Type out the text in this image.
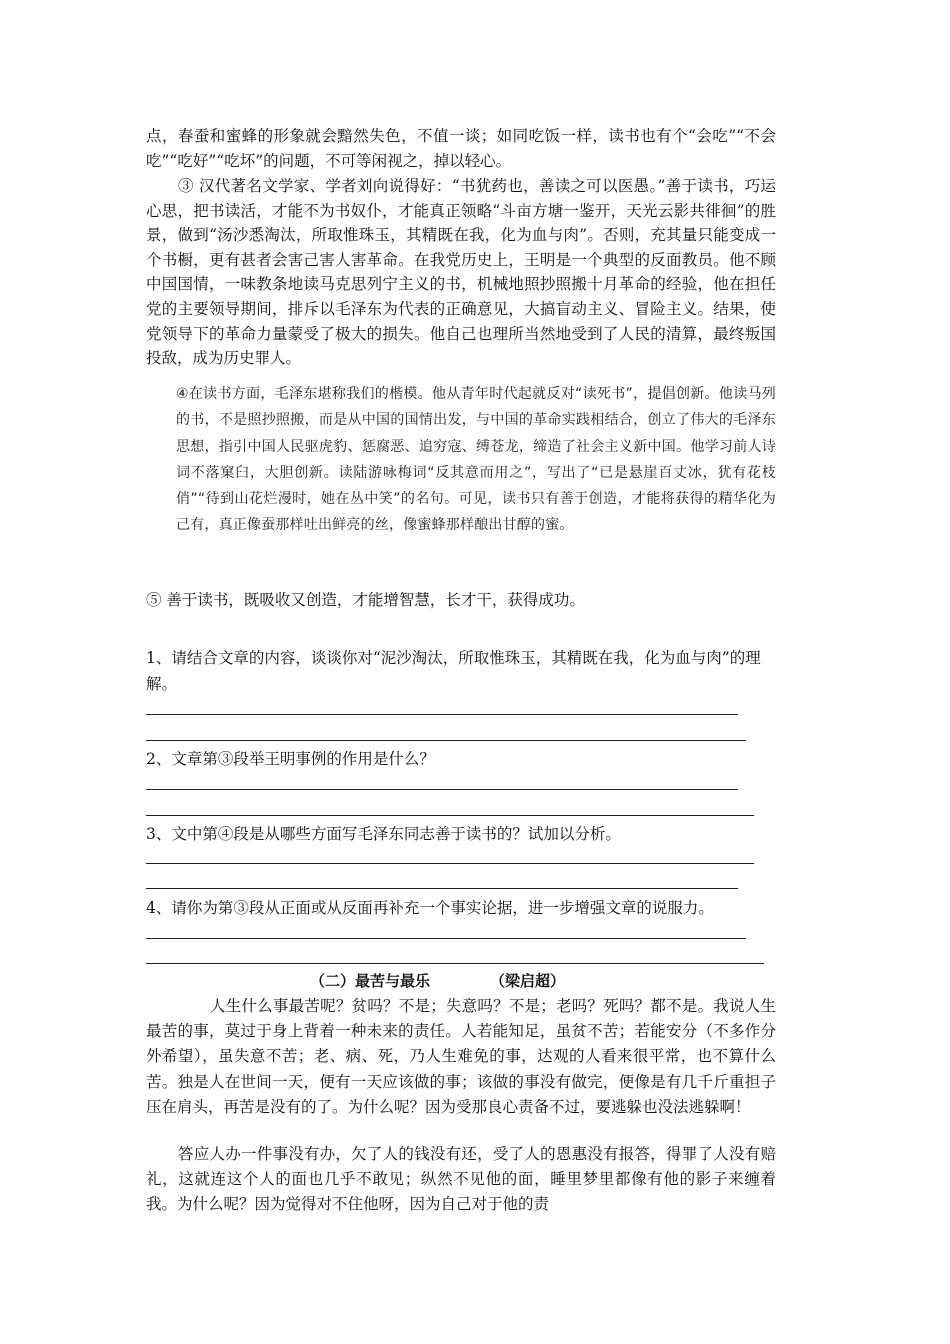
点，春蚕和蜜蜂的形象就会黯然失色，不值一谈；如同吃饭一样，读书也有个“会吃”“不会吃”“吃好”“吃坏”的问题，不可等闲视之，掉以轻心。
③ 汉代著名文学家、学者刘向说得好：“书犹药也，善读之可以医愚。”善于读书，巧运心思，把书读活，才能不为书奴仆，才能真正领略“斗亩方塘一鉴开，天光云影共徘徊”的胜景，做到“汤沙悉淘汰，所取惟珠玉，其精既在我，化为血与肉”。否则，充其量只能变成一个书橱，更有甚者会害己害人害革命。在我党历史上，王明是一个典型的反面教员。他不顾中国国情，一味教条地读马克思列宁主义的书，机械地照抄照搬十月革命的经验，他在担任党的主要领导期间，排斥以毛泽东为代表的正确意见，大搞盲动主义、冒险主义。结果，使党领导下的革命力量蒙受了极大的损失。他自己也理所当然地受到了人民的清算，最终叛国投敌，成为历史罪人。
④在读书方面，毛泽东堪称我们的楷模。他从青年时代起就反对“读死书”，提倡创新。他读马列的书，不是照抄照搬，而是从中国的国情出发，与中国的革命实践相结合，创立了伟大的毛泽东思想，指引中国人民驱虎豹、惩腐恶、追穷寇、缚苍龙，缔造了社会主义新中国。他学习前人诗词不落窠臼，大胆创新。读陆游咏梅词“反其意而用之”，写出了“已是悬崖百丈冰，犹有花枝俏”“待到山花烂漫时，她在丛中笑”的名句。可见，读书只有善于创造，才能将获得的精华化为己有，真正像蚕那样吐出鲜亮的丝，像蜜蜂那样酿出甘醇的蜜。
⑤ 善于读书，既吸收又创造，才能增智慧，长才干，获得成功。
1、请结合文章的内容，谈谈你对“泥沙淘汰，所取惟珠玉，其精既在我，化为血与肉”的理解。
2、文章第③段举王明事例的作用是什么？
3、文中第④段是从哪些方面写毛泽东同志善于读书的？试加以分析。
4、请你为第③段从正面或从反面再补充一个事实论据，进一步增强文章的说服力。
（二）最苦与最乐	（梁启超）
人生什么事最苦呢？贫吗？不是；失意吗？不是；老吗？死吗？都不是。我说人生最苦的事，莫过于身上背着一种未来的责任。人若能知足，虽贫不苦；若能安分（不多作分外希望），虽失意不苦；老、病、死，乃人生难免的事，达观的人看来很平常，也不算什么苦。独是人在世间一天，便有一天应该做的事；该做的事没有做完，便像是有几千斤重担子压在肩头，再苦是没有的了。为什么呢？因为受那良心责备不过，要逃躲也没法逃躲啊！
答应人办一件事没有办，欠了人的钱没有还，受了人的恩惠没有报答，得罪了人没有赔礼，这就连这个人的面也几乎不敢见；纵然不见他的面，睡里梦里都像有他的影子来缠着我。为什么呢？因为觉得对不住他呀，因为自己对于他的责
